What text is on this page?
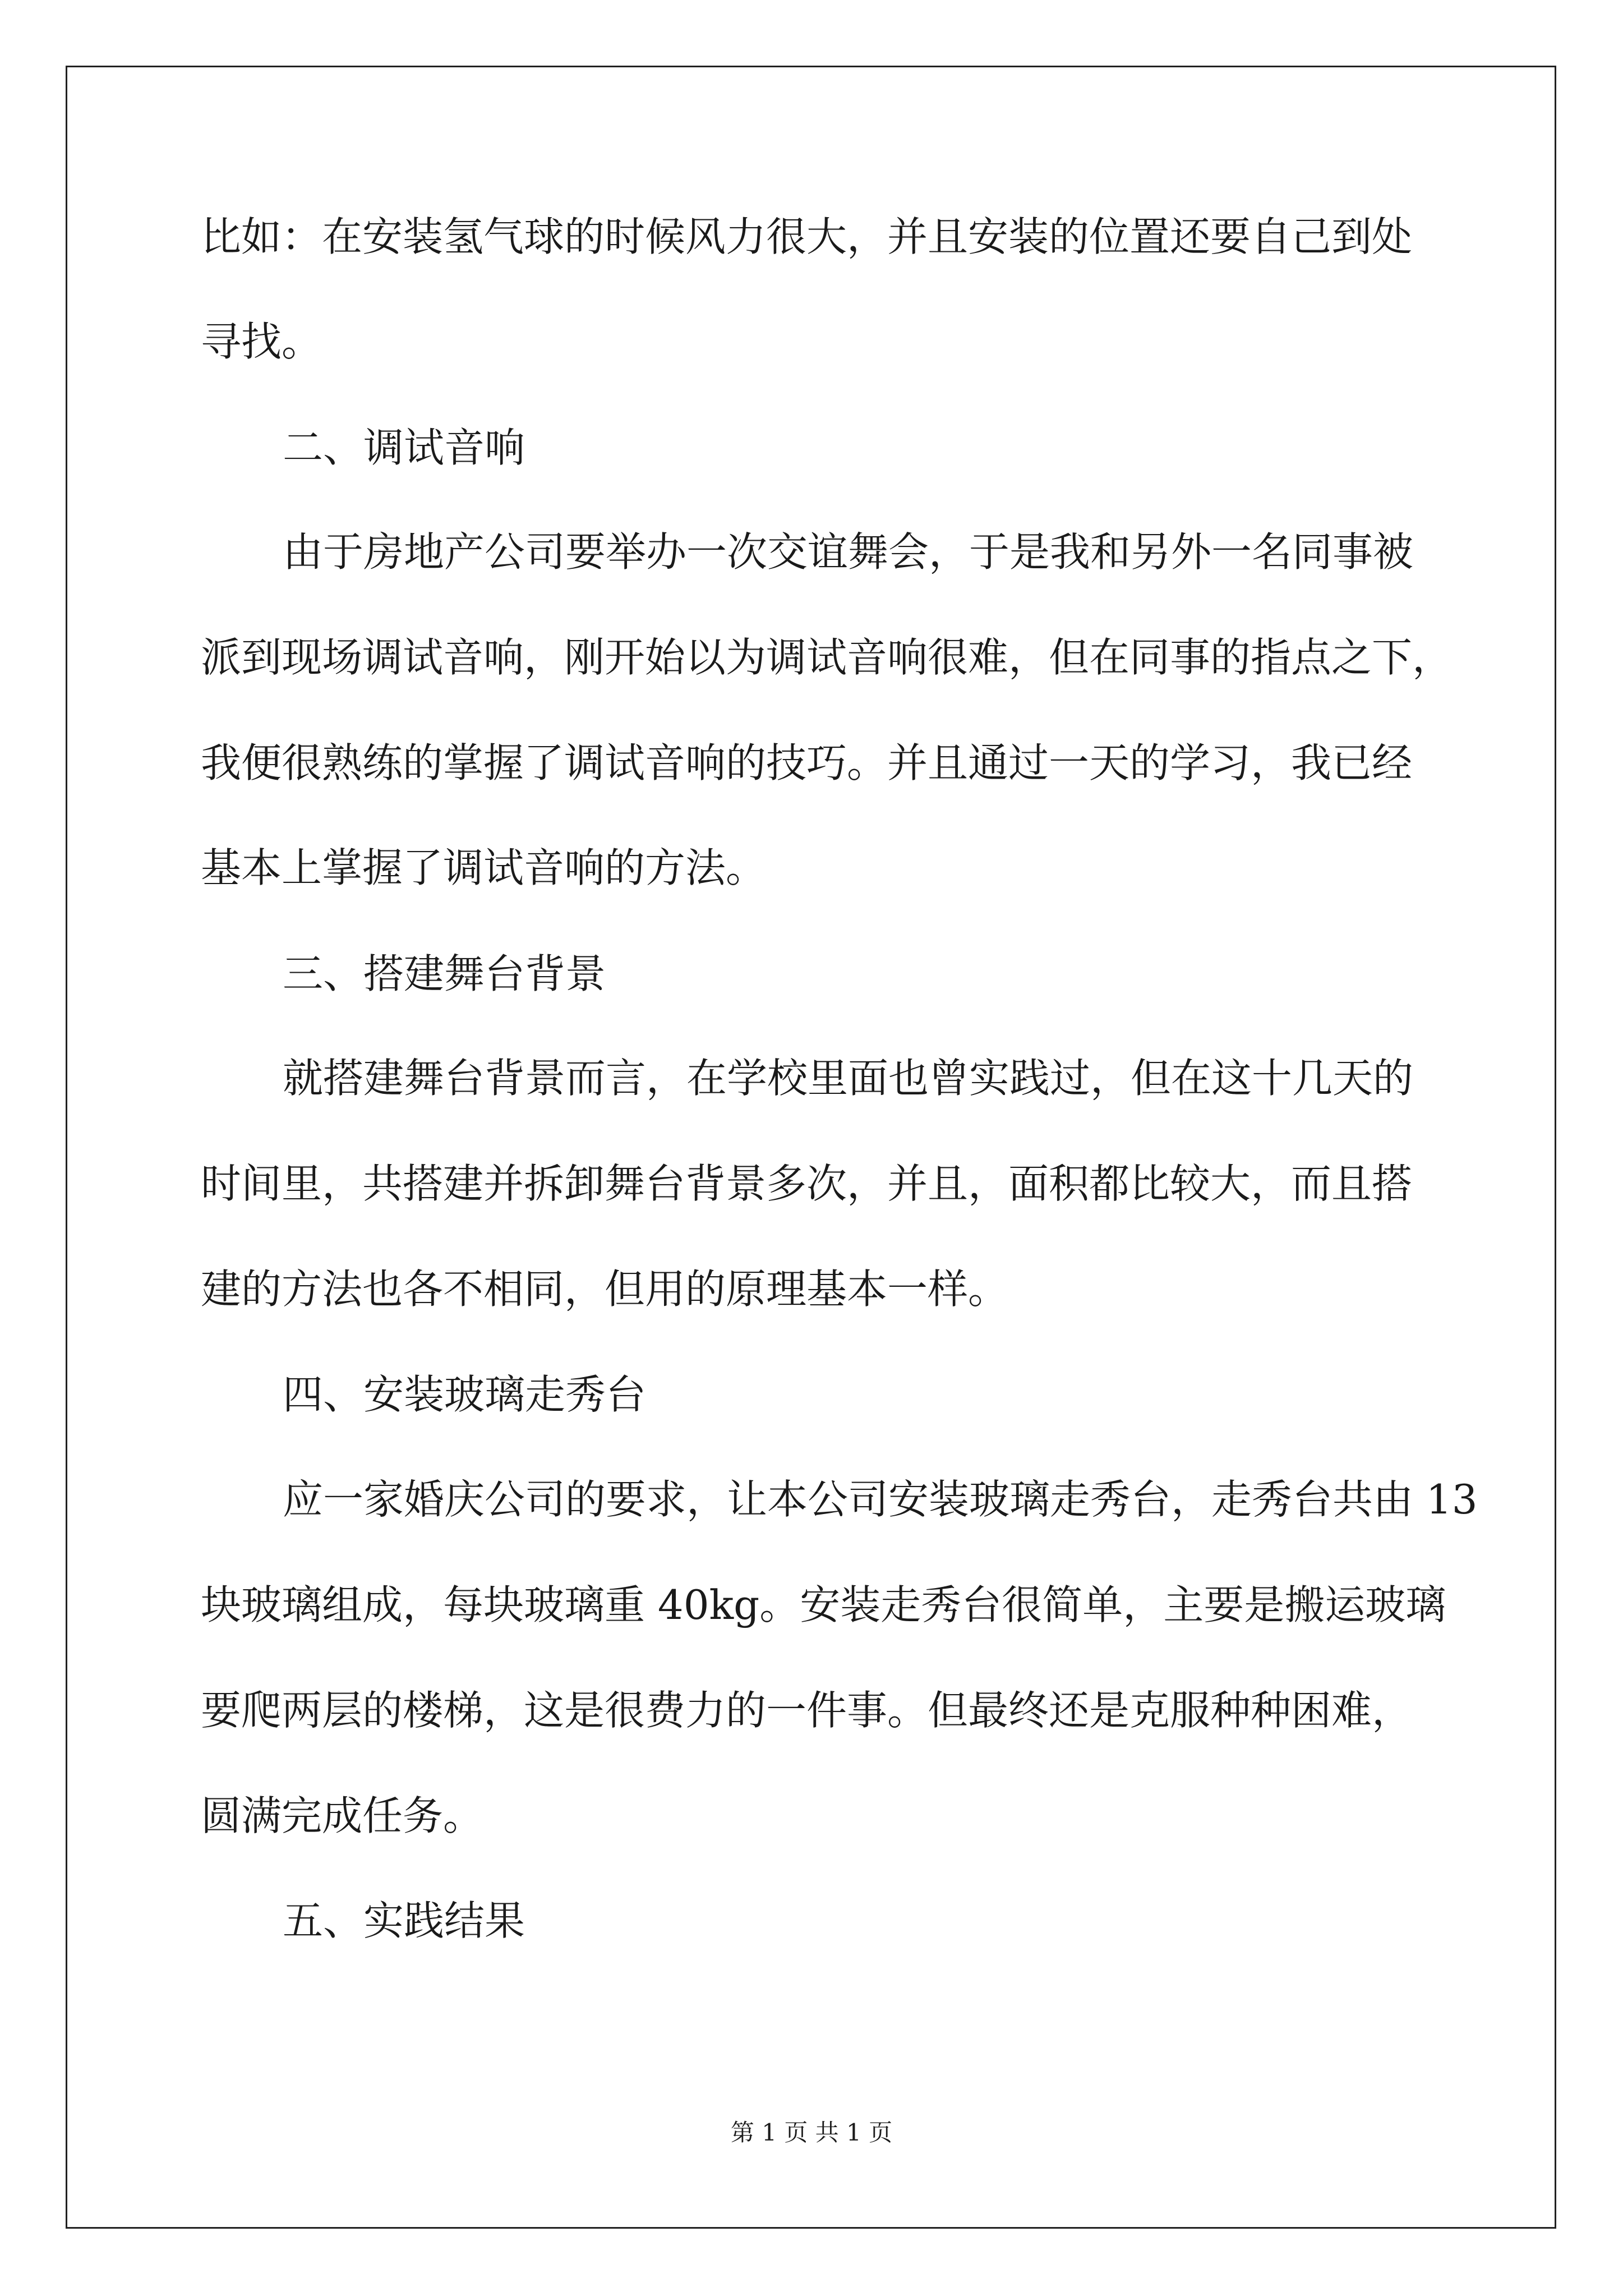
比如：在安装氢气球的时候风力很大，并且安装的位置还要自己到处
寻找。
二、调试音响
由于房地产公司要举办一次交谊舞会，于是我和另外一名同事被
派到现场调试音响，刚开始以为调试音响很难，但在同事的指点之下，
我便很熟练的掌握了调试音响的技巧。并且通过一天的学习，我已经
基本上掌握了调试音响的方法。
三、搭建舞台背景
就搭建舞台背景而言，在学校里面也曾实践过，但在这十几天的
时间里，共搭建并拆卸舞台背景多次，并且，面积都比较大，而且搭
建的方法也各不相同，但用的原理基本一样。
四、安装玻璃走秀台
应一家婚庆公司的要求，让本公司安装玻璃走秀台，走秀台共由 13
块玻璃组成，每块玻璃重 40kg。安装走秀台很简单，主要是搬运玻璃
要爬两层的楼梯，这是很费力的一件事。但最终还是克服种种困难，
圆满完成任务。
五、实践结果
第 1 页 共 1 页
